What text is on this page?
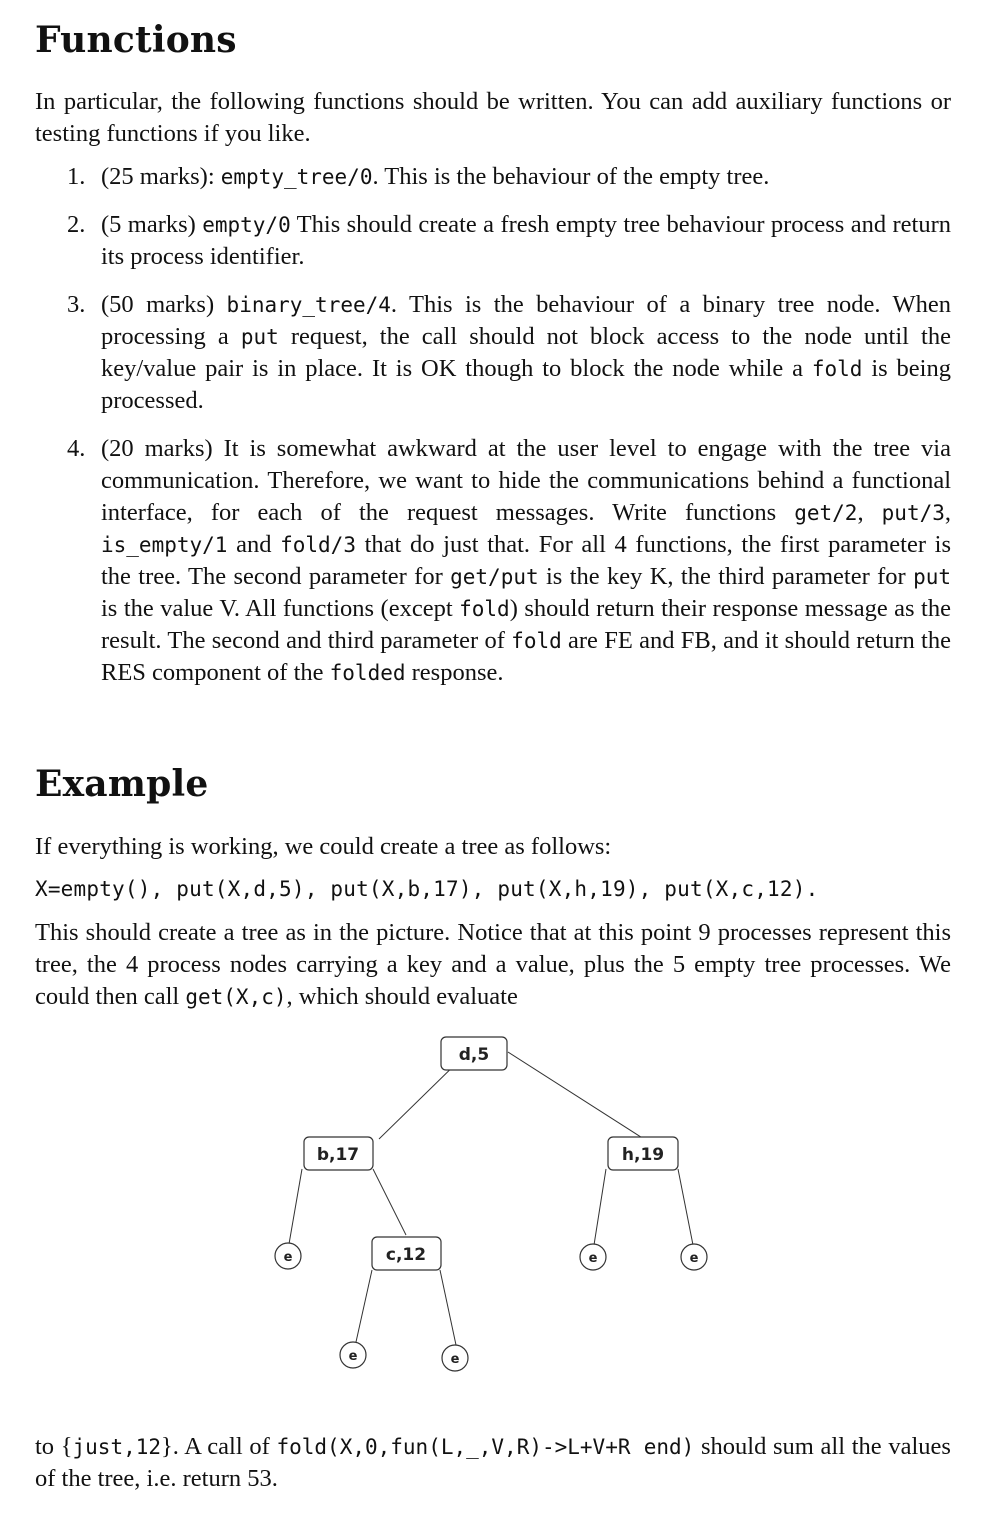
Functions

In particular, the following functions should be written. You can add auxiliary functions or testing functions if you like.

1. (25 marks): empty_tree/0. This is the behaviour of the empty tree.
2. (5 marks) empty/0 This should create a fresh empty tree behaviour process and return its process identifier.
3. (50 marks) binary_tree/4. This is the behaviour of a binary tree node. When processing a put request, the call should not block access to the node until the key/value pair is in place. It is OK though to block the node while a fold is being processed.
4. (20 marks) It is somewhat awkward at the user level to engage with the tree via communication. Therefore, we want to hide the communications behind a functional interface, for each of the request messages. Write functions get/2, put/3, is_empty/1 and fold/3 that do just that. For all 4 functions, the first parameter is the tree. The second parameter for get/put is the key K, the third parameter for put is the value V. All functions (except fold) should return their response message as the result. The second and third parameter of fold are FE and FB, and it should return the RES component of the folded response.
Example

If everything is working, we could create a tree as follows:

X=empty(), put(X,d,5), put(X,b,17), put(X,h,19), put(X,c,12).

This should create a tree as in the picture. Notice that at this point 9 processes represent this tree, the 4 process nodes carrying a key and a value, plus the 5 empty tree processes. We could then call get(X,c), which should evaluate

d,5
b,17	h,19
c,12
e	e	e
e	e

to {just,12}. A call of fold(X,0,fun(L,_,V,R)->L+V+R end) should sum all the values of the tree, i.e. return 53.
